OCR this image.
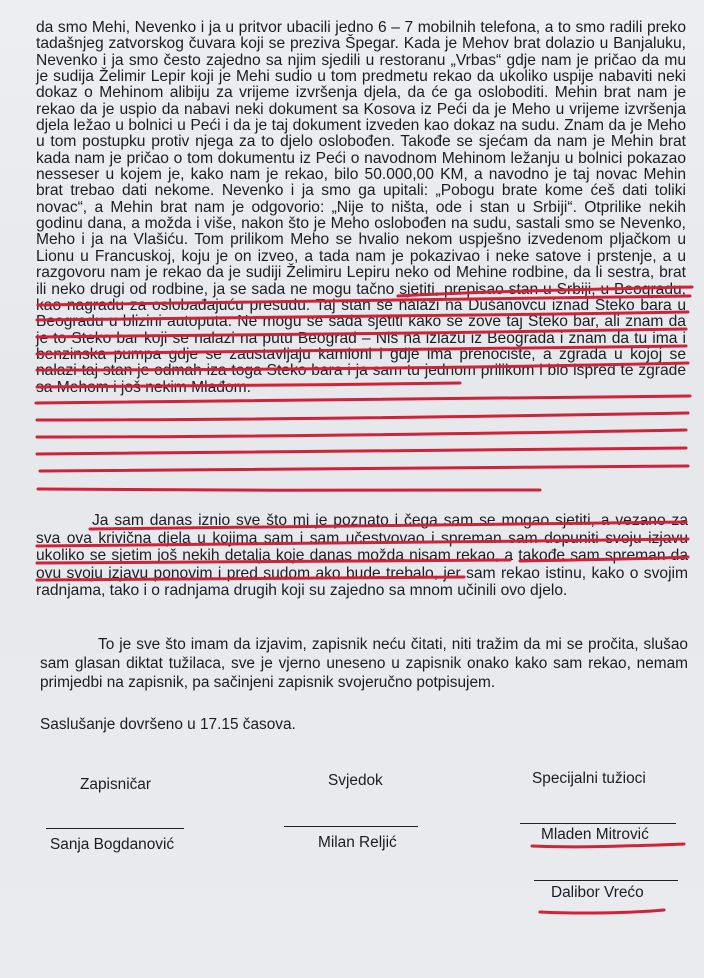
da smo Mehi, Nevenko i ja u pritvor ubacili jedno 6 – 7 mobilnih telefona, a to smo radili preko tadašnjeg zatvorskog čuvara koji se preziva Špegar. Kada je Mehov brat dolazio u Banjaluku, Nevenko i ja smo često zajedno sa njim sjedili u restoranu „Vrbas“ gdje nam je pričao da mu je sudija Želimir Lepir koji je Mehi sudio u tom predmetu rekao da ukoliko uspije nabaviti neki dokaz o Mehinom alibiju za vrijeme izvršenja djela, da će ga osloboditi. Mehin brat nam je rekao da je uspio da nabavi neki dokument sa Kosova iz Peći da je Meho u vrijeme izvršenja djela ležao u bolnici u Peći i da je taj dokument izveden kao dokaz na sudu. Znam da je Meho u tom postupku protiv njega za to djelo oslobođen. Takođe se sjećam da nam je Mehin brat kada nam je pričao o tom dokumentu iz Peći o navodnom Mehinom ležanju u bolnici pokazao nesseser u kojem je, kako nam je rekao, bilo 50.000,00 KM, a navodno je taj novac Mehin brat trebao dati nekome. Nevenko i ja smo ga upitali: „Pobogu brate kome ćeš dati toliki novac“, a Mehin brat nam je odgovorio: „Nije to ništa, ode i stan u Srbiji“. Otprilike nekih godinu dana, a možda i više, nakon što je Meho oslobođen na sudu, sastali smo se Nevenko, Meho i ja na Vlašiću. Tom prilikom Meho se hvalio nekom uspješno izvedenom pljačkom u Lionu u Francuskoj, koju je on izveo, a tada nam je pokazivao i neke satove i prstenje, a u razgovoru nam je rekao da je sudiji Želimiru Lepiru neko od Mehine rodbine, da li sestra, brat ili neko drugi od rodbine, ja se sada ne mogu tačno sjetiti, prepisao stan u Srbiji, u Beogradu, kao nagradu za oslobađajuću presudu. Taj stan se nalazi na Dušanovcu iznad Steko bara u Beogradu u blizini autoputa. Ne mogu se sada sjetiti kako se zove taj Steko bar, ali znam da je to Steko bar koji se nalazi na putu Beograd – Niš na izlazu iz Beograda i znam da tu ima i benzinska pumpa gdje se zaustavljaju kamioni i gdje ima prenoćište, a zgrada u kojoj se nalazi taj stan je odmah iza toga Steko bara i ja sam tu jednom prilikom i bio ispred te zgrade sa Mehom i još nekim Mlađom.

Ja sam danas iznio sve što mi je poznato i čega sam se mogao sjetiti, a vezano za sva ova krivična djela u kojima sam i sam učestvovao i spreman sam dopuniti svoju izjavu ukoliko se sjetim još nekih detalja koje danas možda nisam rekao, a takođe sam spreman da ovu svoju izjavu ponovim i pred sudom ako bude trebalo, jer sam rekao istinu, kako o svojim radnjama, tako i o radnjama drugih koji su zajedno sa mnom učinili ovo djelo.
To je sve što imam da izjavim, zapisnik neću čitati, niti tražim da mi se pročita, slušao sam glasan diktat tužilaca, sve je vjerno uneseno u zapisnik onako kako sam rekao, nemam primjedbi na zapisnik, pa sačinjeni zapisnik svojeručno potpisujem.
Saslušanje dovršeno u 17.15 časova.
Zapisničar
Sanja Bogdanović
Svjedok
Milan Reljić
Specijalni tužioci
Mladen Mitrović
Dalibor Vrećo
